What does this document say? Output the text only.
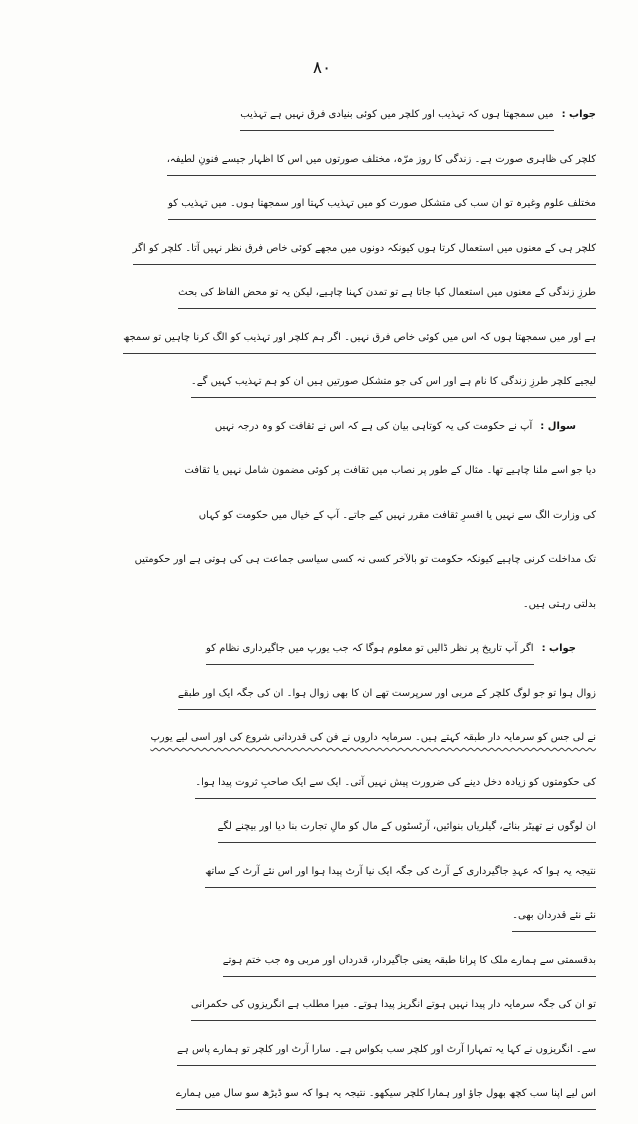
۸۰
جواب :میں سمجھتا ہوں کہ تہذیب اور کلچر میں کوئی بنیادی فرق نہیں ہے تہذیب
کلچر کی ظاہری صورت ہے۔ زندگی کا روز مرّہ، مختلف صورتوں میں اس کا اظہار جیسے فنونِ لطیفہ،
مختلف علوم وغیرہ تو ان سب کی متشکل صورت کو میں تہذیب کہتا اور سمجھتا ہوں۔ میں تہذیب کو
کلچر ہی کے معنوں میں استعمال کرتا ہوں کیونکہ دونوں میں مجھے کوئی خاص فرق نظر نہیں آتا۔ کلچر کو اگر
طرزِ زندگی کے معنوں میں استعمال کیا جاتا ہے تو تمدن کہنا چاہیے، لیکن یہ تو محض الفاظ کی بحث
ہے اور میں سمجھتا ہوں کہ اس میں کوئی خاص فرق نہیں۔ اگر ہم کلچر اور تہذیب کو الگ کرنا چاہیں تو سمجھ
لیجیے کلچر طرزِ زندگی کا نام ہے اور اس کی جو متشکل صورتیں ہیں ان کو ہم تہذیب کہیں گے۔
سوال :آپ نے حکومت کی یہ کوتاہی بیان کی ہے کہ اس نے ثقافت کو وہ درجہ نہیں
دیا جو اسے ملنا چاہیے تھا۔ مثال کے طور پر نصاب میں ثقافت پر کوئی مضمون شامل نہیں یا ثقافت
کی وزارت الگ سے نہیں یا افسرِ ثقافت مقرر نہیں کیے جاتے۔ آپ کے خیال میں حکومت کو کہاں
تک مداخلت کرنی چاہیے کیونکہ حکومت تو بالآخر کسی نہ کسی سیاسی جماعت ہی کی ہوتی ہے اور حکومتیں
بدلتی رہتی ہیں۔
جواب :اگر آپ تاریخ پر نظر ڈالیں تو معلوم ہوگا کہ جب یورپ میں جاگیرداری نظام کو
زوال ہوا تو جو لوگ کلچر کے مربی اور سرپرست تھے ان کا بھی زوال ہوا۔ ان کی جگہ ایک اور طبقے
نے لی جس کو سرمایہ دار طبقہ کہتے ہیں۔ سرمایہ داروں نے فن کی قدردانی شروع کی اور اسی لیے یورپ
کی حکومتوں کو زیادہ دخل دینے کی ضرورت پیش نہیں آتی۔ ایک سے ایک صاحبِ ثروت پیدا ہوا۔
ان لوگوں نے تھیٹر بنائے، گیلریاں بنوائیں، آرٹسٹوں کے مال کو مالِ تجارت بنا دیا اور بیچنے لگے
نتیجہ یہ ہوا کہ عہدِ جاگیرداری کے آرٹ کی جگہ ایک نیا آرٹ پیدا ہوا اور اس نئے آرٹ کے ساتھ
نئے نئے قدردان بھی۔
بدقسمتی سے ہمارے ملک کا پرانا طبقہ یعنی جاگیردار، قدرداں اور مربی وہ جب ختم ہوتے
تو ان کی جگہ سرمایہ دار پیدا نہیں ہوتے انگریز پیدا ہوتے۔ میرا مطلب ہے انگریزوں کی حکمرانی
سے۔ انگریزوں نے کہا یہ تمہارا آرٹ اور کلچر سب بکواس ہے۔ سارا آرٹ اور کلچر تو ہمارے پاس ہے
اس لیے اپنا سب کچھ بھول جاؤ اور ہمارا کلچر سیکھو۔ نتیجہ یہ ہوا کہ سو ڈیڑھ سو سال میں ہمارے
